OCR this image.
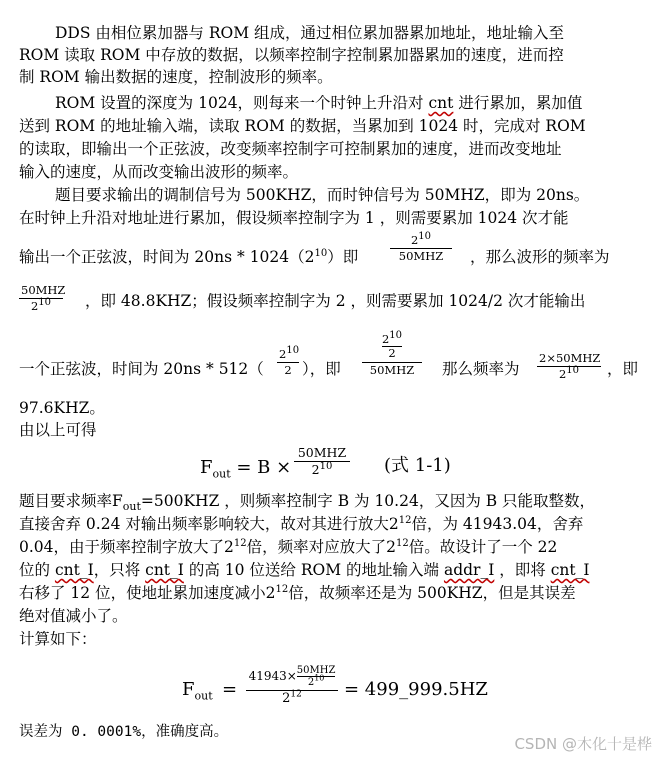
DDS 由相位累加器与 ROM 组成，通过相位累加器累加地址，地址输入至
ROM 读取 ROM 中存放的数据，以频率控制字控制累加器累加的速度，进而控
制 ROM 输出数据的速度，控制波形的频率。
ROM 设置的深度为 1024，则每来一个时钟上升沿对 cnt 进行累加，累加值
送到 ROM 的地址输入端，读取 ROM 的数据，当累加到 1024 时，完成对 ROM
的读取，即输出一个正弦波，改变频率控制字可控制累加的速度，进而改变地址
输入的速度，从而改变输出波形的频率。
题目要求输出的调制信号为 500KHZ，而时钟信号为 50MHZ，即为 20ns。
在时钟上升沿对地址进行累加，假设频率控制字为 1 ，则需要累加 1024 次才能
输出一个正弦波，时间为 $20ns * 1024(2^{10})$即
$2^{10}$
50MHZ	，那么波形的频率为
50MHZ
$2^{10}$	，即 48.8KHZ；假设频率控制字为 2 ，则需要累加 1024/2 次才能输出
一个正弦波，时间为 $20ns * 512( \frac{2^{10}}{2}$ ），即
$2^{10}$
2
50MHZ	那么频率为
2×50MHZ
$2^{10}$	，即
97.6KHZ。
由以上可得
$F_{out} = B$ ×
50MHZ
$2^{10}$	(式 1-1)
题目要求频率$F_{out}=500KHZ$ ，则频率控制字 B 为 10.24，又因为 B 只能取整数，
直接舍弃 0.24 对输出频率影响较大，故对其进行放大$2^{12}$倍，为 41943.04，舍弃
0.04，由于频率控制字放大了$2^{12}$倍，频率对应放大了$2^{12}$倍。故设计了一个 22
位的 cnt_I，只将 cnt_I 的高 10 位送给 ROM 的地址输入端 addr_I ，即将 cnt_I
右移了 12 位，使地址累加速度减小$2^{12}$倍，故频率还是为 500KHZ，但是其误差
绝对值减小了。
计算如下：
$F_{out}$ =
41943× 50MHZ
$2^{10}$
$2^{12}$	= 499_999.5HZ
误差为 0. 0001%，准确度高。
CSDN @木化十是桦
